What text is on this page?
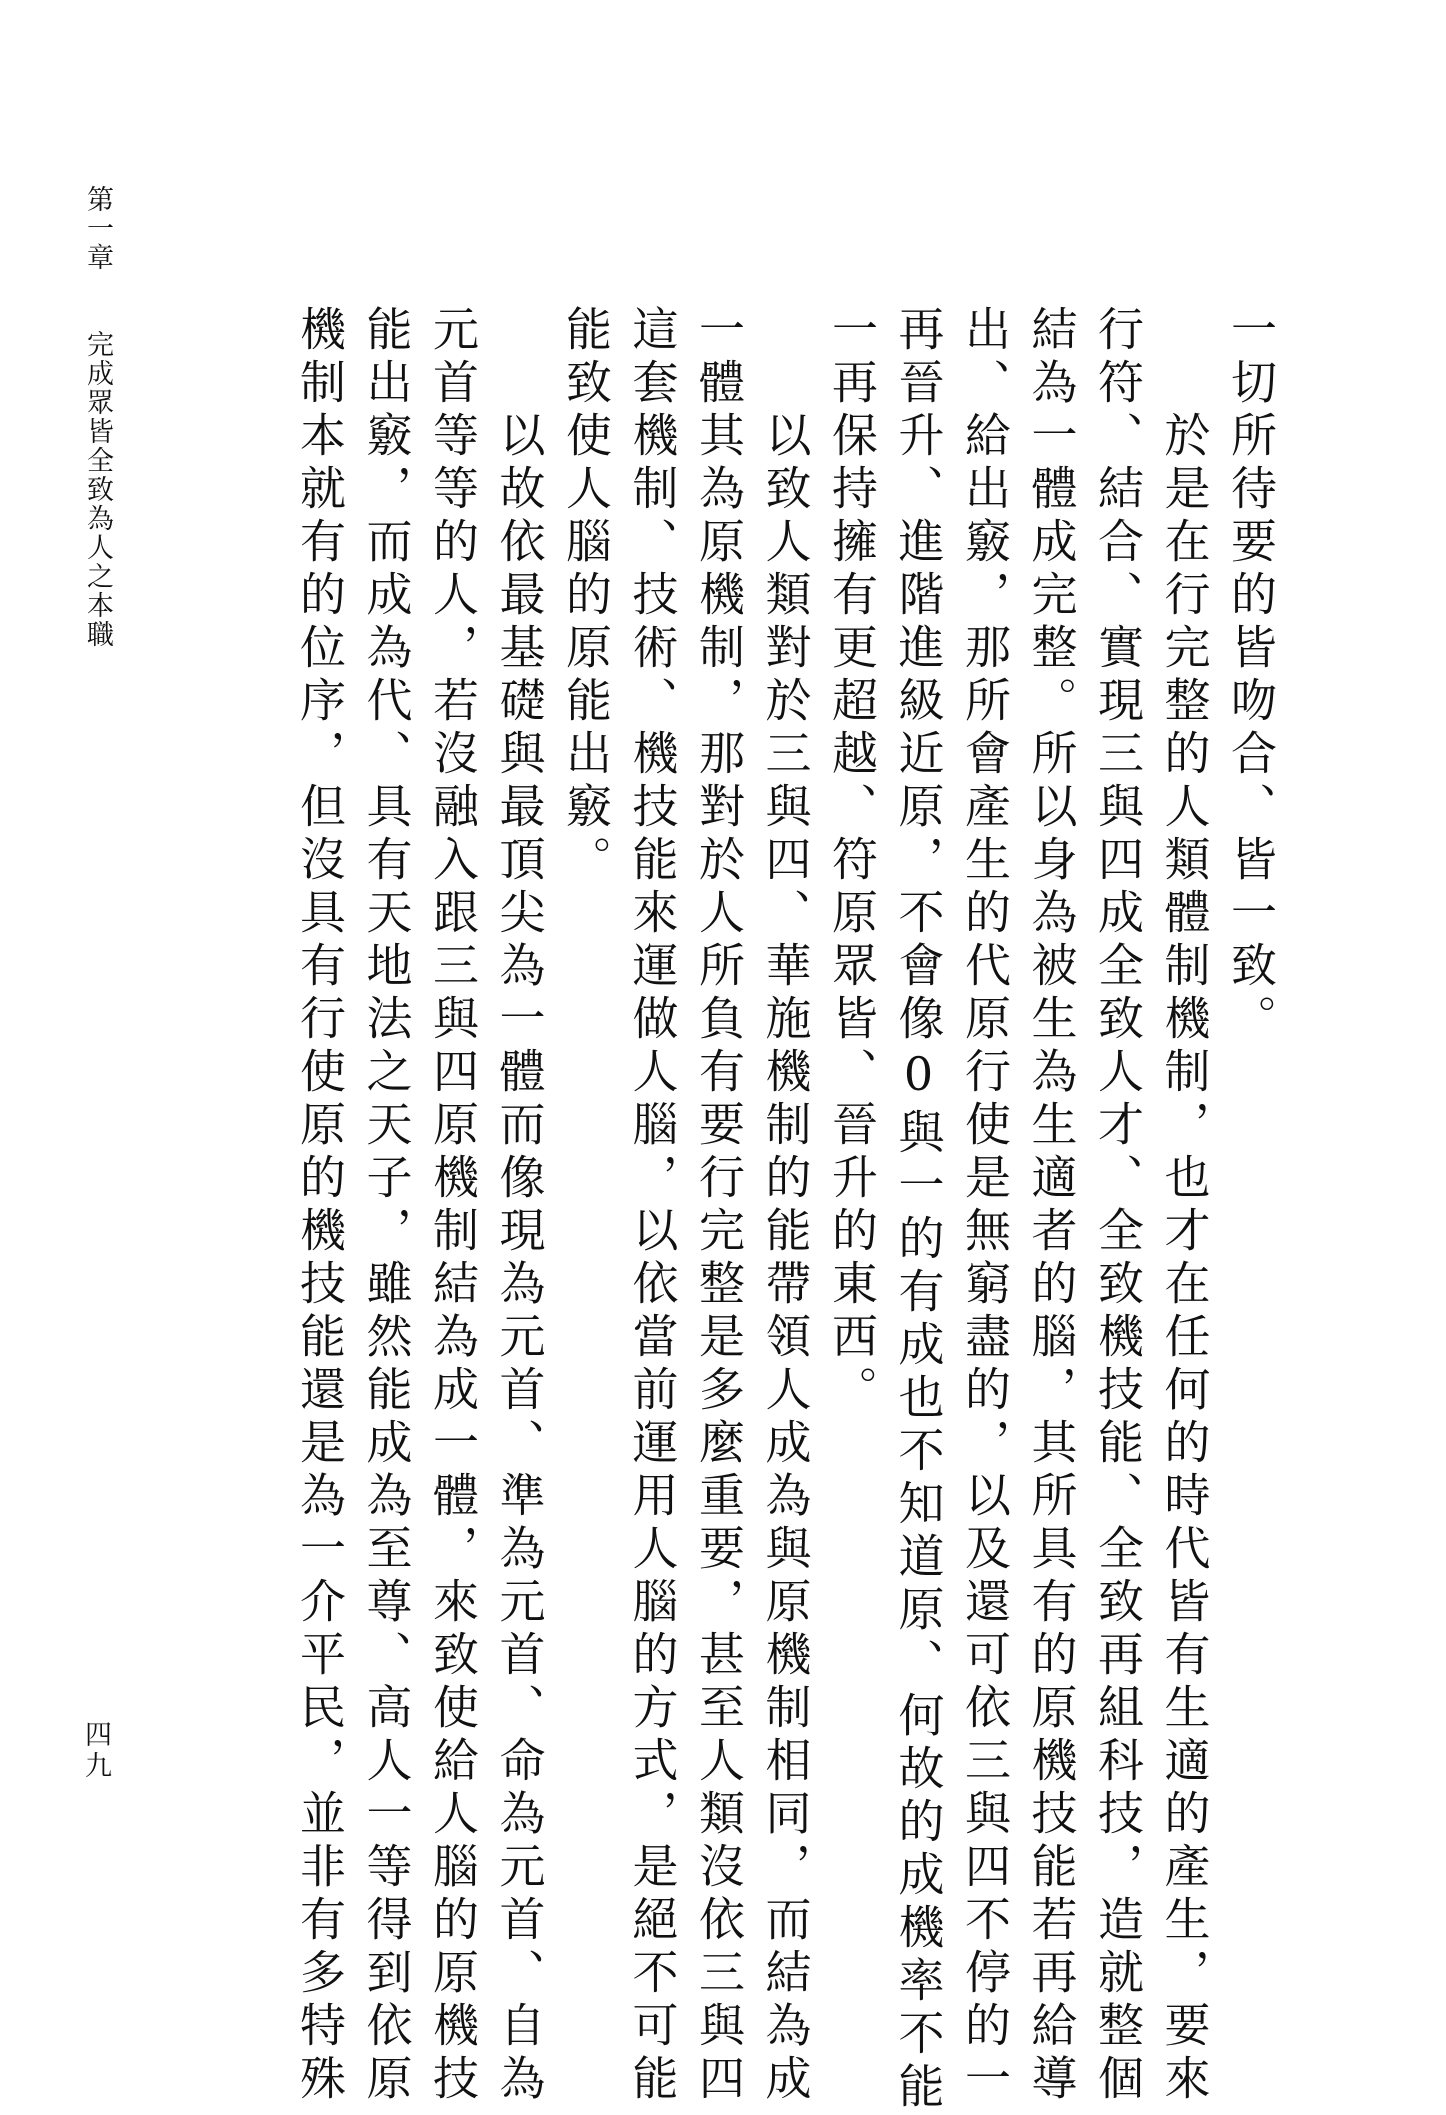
第一章　　完成眾皆全致為人之本職	一切所待要的皆吻合、皆一致。
　　於是在行完整的人類體制機制，也才在任何的時代皆有生適的產生，要來
行符、結合、實現三與四成全致人才、全致機技能、全致再組科技，造就整個
結為一體成完整。所以身為被生為生適者的腦，其所具有的原機技能若再給導
出、給出竅，那所會產生的代原行使是無窮盡的，以及還可依三與四不停的一
再晉升、進階進級近原，不會像0與一的有成也不知道原、何故的成機率不能
一再保持擁有更超越、符原眾皆、晉升的東西。
　　以致人類對於三與四、華施機制的能帶領人成為與原機制相同，而結為成
一體其為原機制，那對於人所負有要行完整是多麼重要，甚至人類沒依三與四
這套機制、技術、機技能來運做人腦，以依當前運用人腦的方式，是絕不可能
能致使人腦的原能出竅。
　　以故依最基礎與最頂尖為一體而像現為元首、準為元首、命為元首、自為
元首等等的人，若沒融入跟三與四原機制結為成一體，來致使給人腦的原機技
能出竅，而成為代、具有天地法之天子，雖然能成為至尊、高人一等得到依原
機制本就有的位序，但沒具有行使原的機技能還是為一介平民，並非有多特殊
四九
